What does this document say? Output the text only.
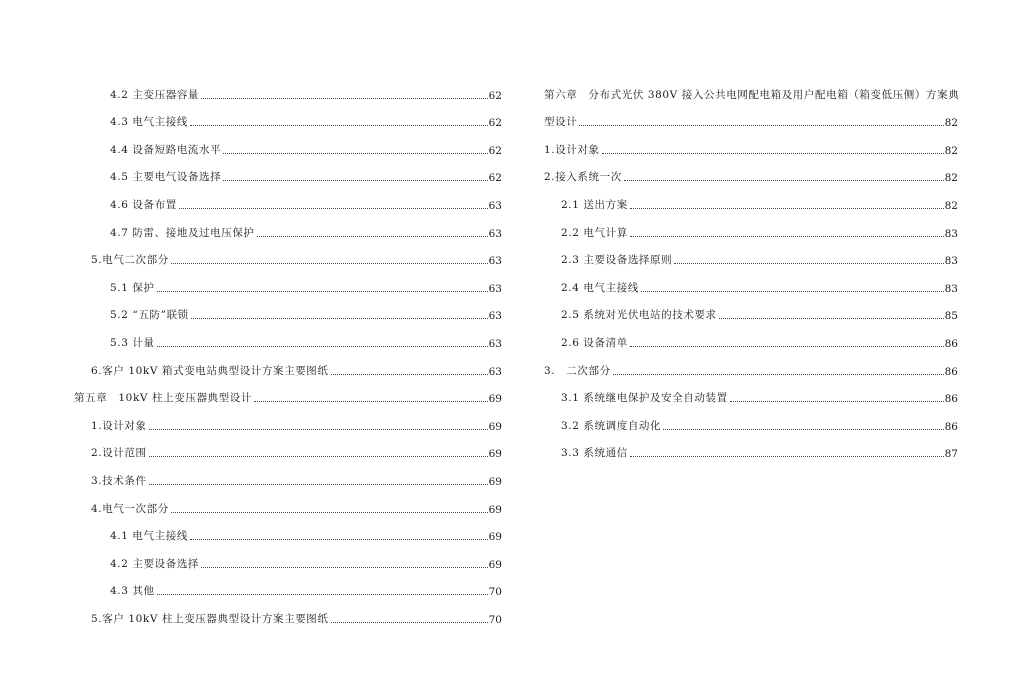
4.2 主变压器容量	62
4.3 电气主接线	62
4.4 设备短路电流水平	62
4.5 主要电气设备选择	62
4.6 设备布置	63
4.7 防雷、接地及过电压保护	63
5.电气二次部分	63
5.1 保护	63
5.2 “五防”联锁	63
5.3 计量	63
6.客户 10kV 箱式变电站典型设计方案主要图纸	63
第五章　10kV 柱上变压器典型设计	69
1.设计对象	69
2.设计范围	69
3.技术条件	69
4.电气一次部分	69
4.1 电气主接线	69
4.2 主要设备选择	69
4.3 其他	70
5.客户 10kV 柱上变压器典型设计方案主要图纸	70
第六章　分布式光伏 380V 接入公共电网配电箱及用户配电箱（箱变低压侧）方案典
型设计	82
1.设计对象	82
2.接入系统一次	82
2.1 送出方案	82
2.2 电气计算	83
2.3 主要设备选择原则	83
2.4 电气主接线	83
2.5 系统对光伏电站的技术要求	85
2.6 设备清单	86
3.　二次部分	86
3.1 系统继电保护及安全自动装置	86
3.2 系统调度自动化	86
3.3 系统通信	87
